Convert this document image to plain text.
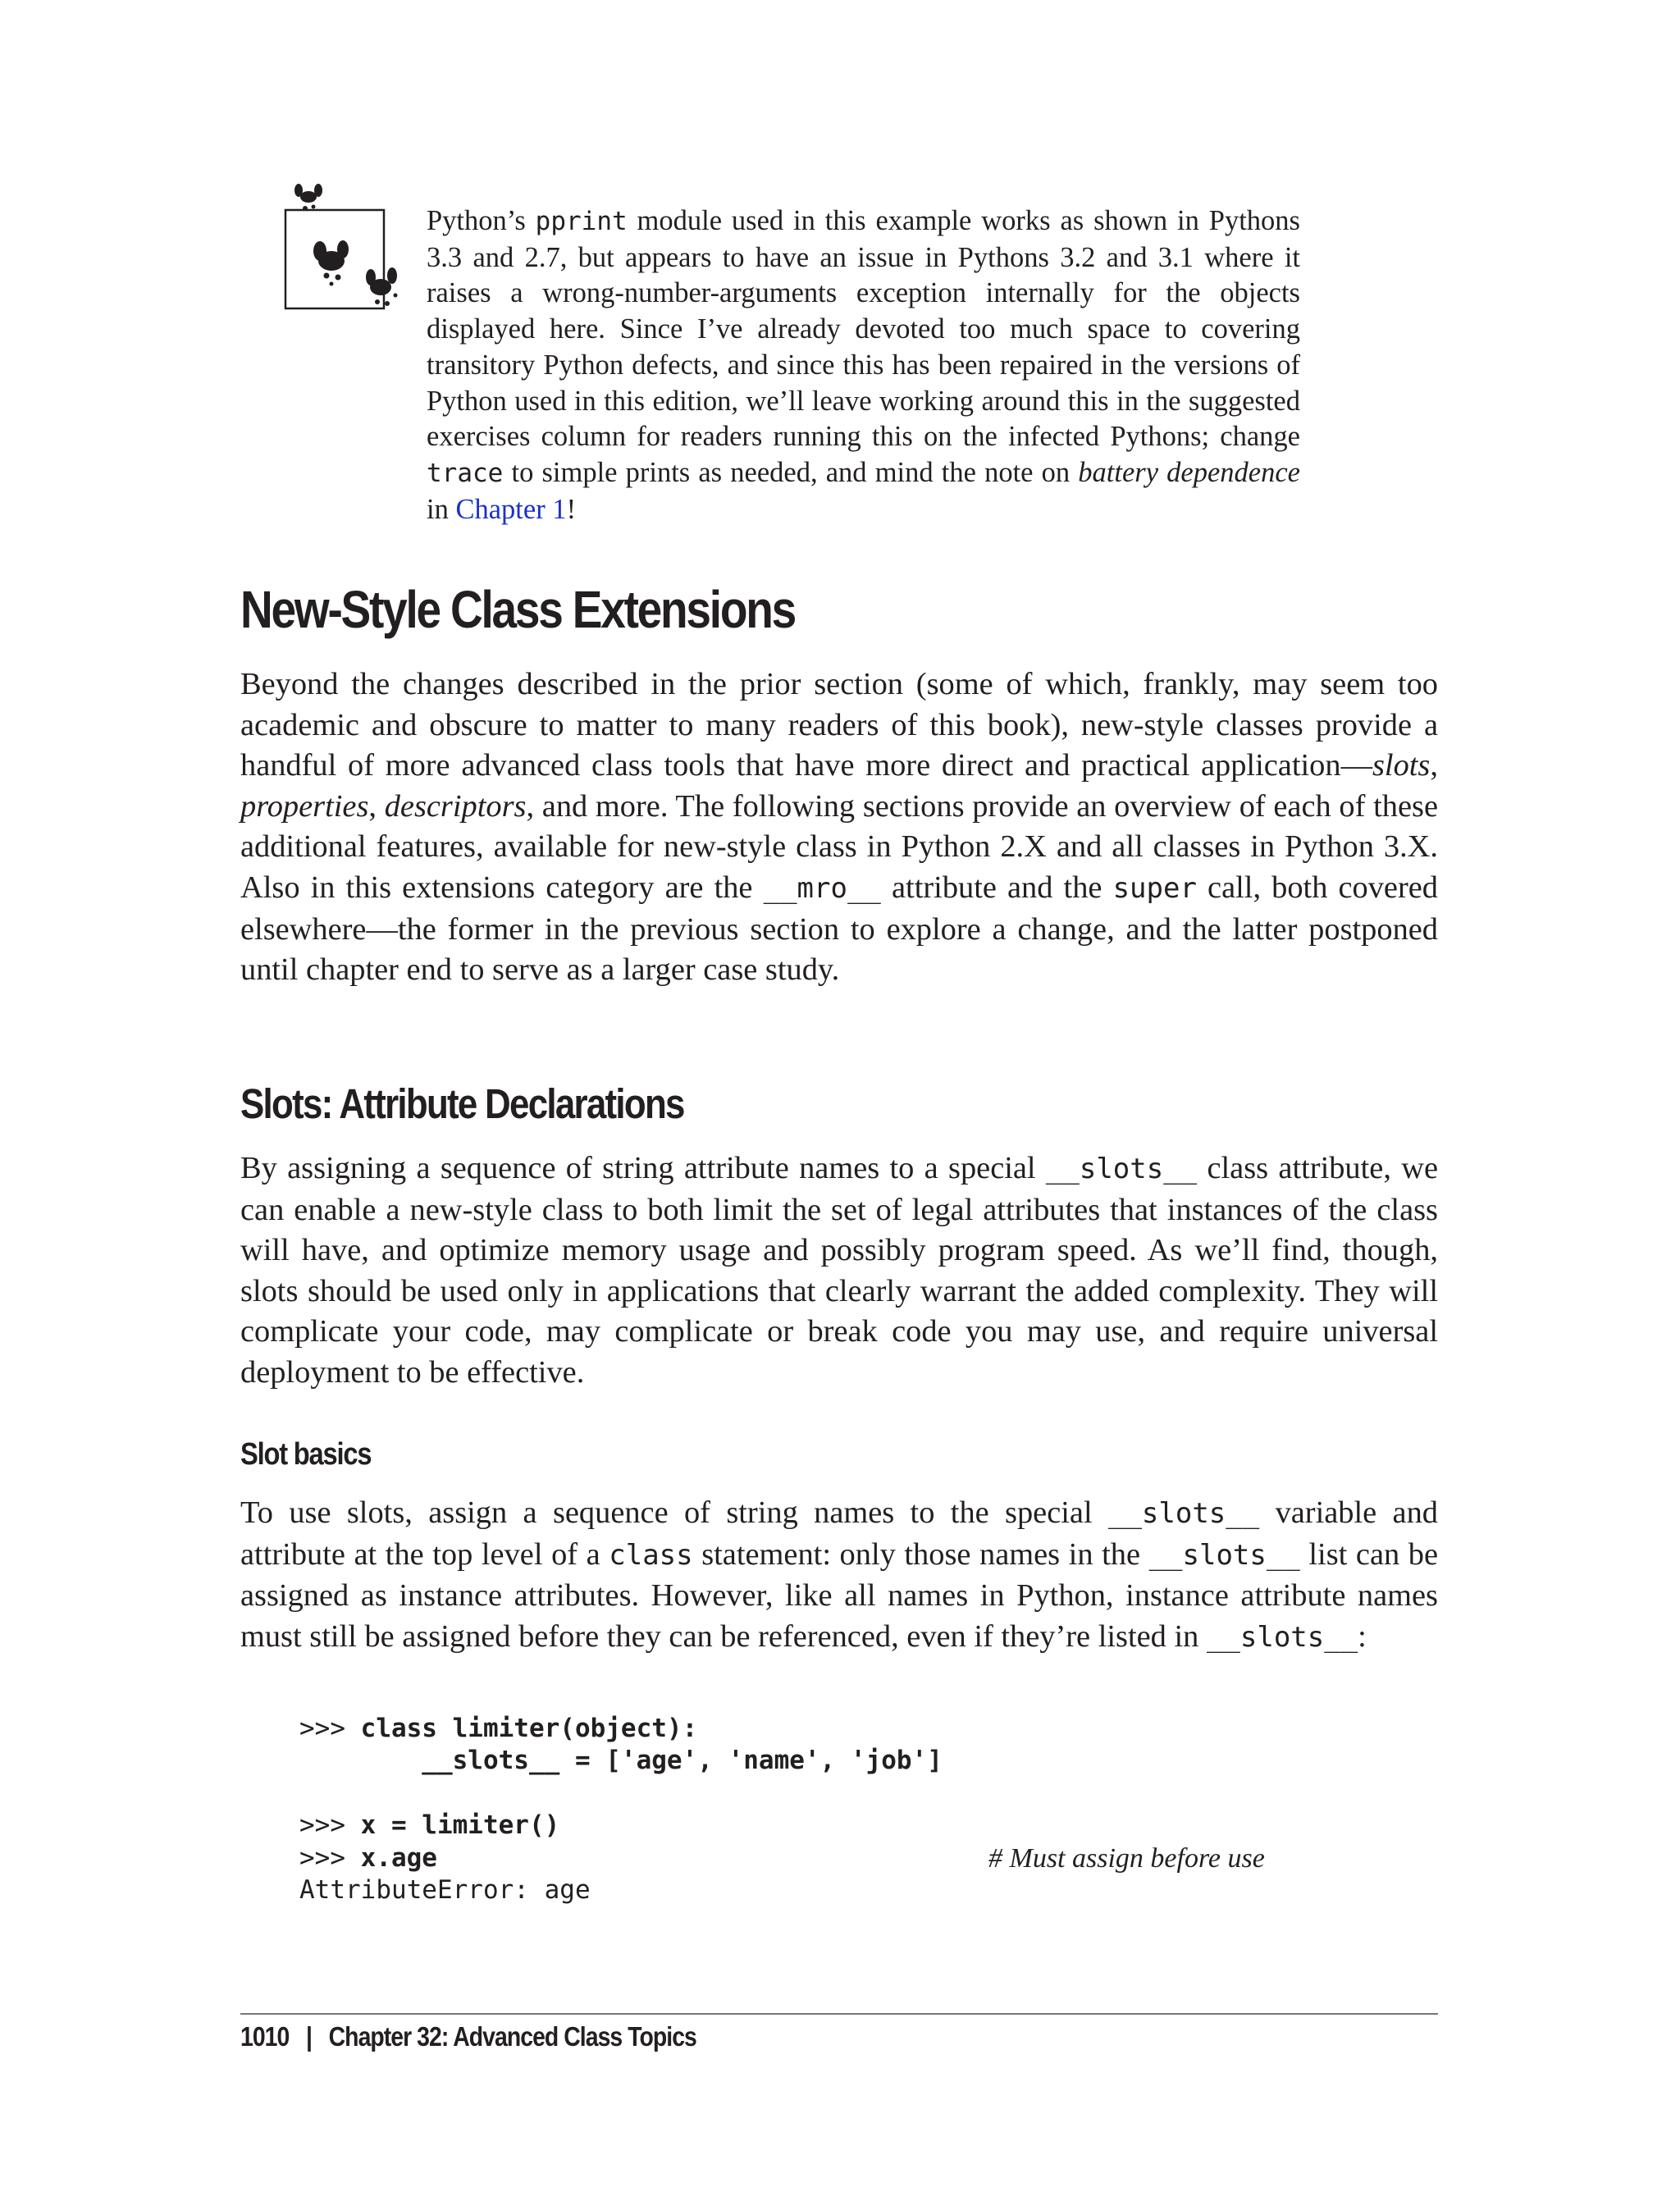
Python’s pprint module used in this example works as shown in Pythons 3.3 and 2.7, but appears to have an issue in Pythons 3.2 and 3.1 where it raises a wrong-number-arguments exception internally for the objects displayed here. Since I’ve already devoted too much space to covering transitory Python defects, and since this has been repaired in the versions of Python used in this edition, we’ll leave working around this in the suggested exercises column for readers running this on the infected Pythons; change trace to simple prints as needed, and mind the note on battery dependence in Chapter 1!
New-Style Class Extensions

Beyond the changes described in the prior section (some of which, frankly, may seem too academic and obscure to matter to many readers of this book), new-style classes provide a handful of more advanced class tools that have more direct and practical application—slots, properties, descriptors, and more. The following sections provide an overview of each of these additional features, available for new-style class in Python 2.X and all classes in Python 3.X. Also in this extensions category are the __mro__ attribute and the super call, both covered elsewhere—the former in the previous section to explore a change, and the latter postponed until chapter end to serve as a larger case study.

Slots: Attribute Declarations

By assigning a sequence of string attribute names to a special __slots__ class attribute, we can enable a new-style class to both limit the set of legal attributes that instances of the class will have, and optimize memory usage and possibly program speed. As we’ll find, though, slots should be used only in applications that clearly warrant the added complexity. They will complicate your code, may complicate or break code you may use, and require universal deployment to be effective.

Slot basics

To use slots, assign a sequence of string names to the special __slots__ variable and attribute at the top level of a class statement: only those names in the __slots__ list can be assigned as instance attributes. However, like all names in Python, instance attribute names must still be assigned before they can be referenced, even if they’re listed in __slots__:

>>> class limiter(object):
__slots__ = ['age', 'name', 'job']

>>> x = limiter()
>>> x.age	# Must assign before use
AttributeError: age
1010 | Chapter 32: Advanced Class Topics
